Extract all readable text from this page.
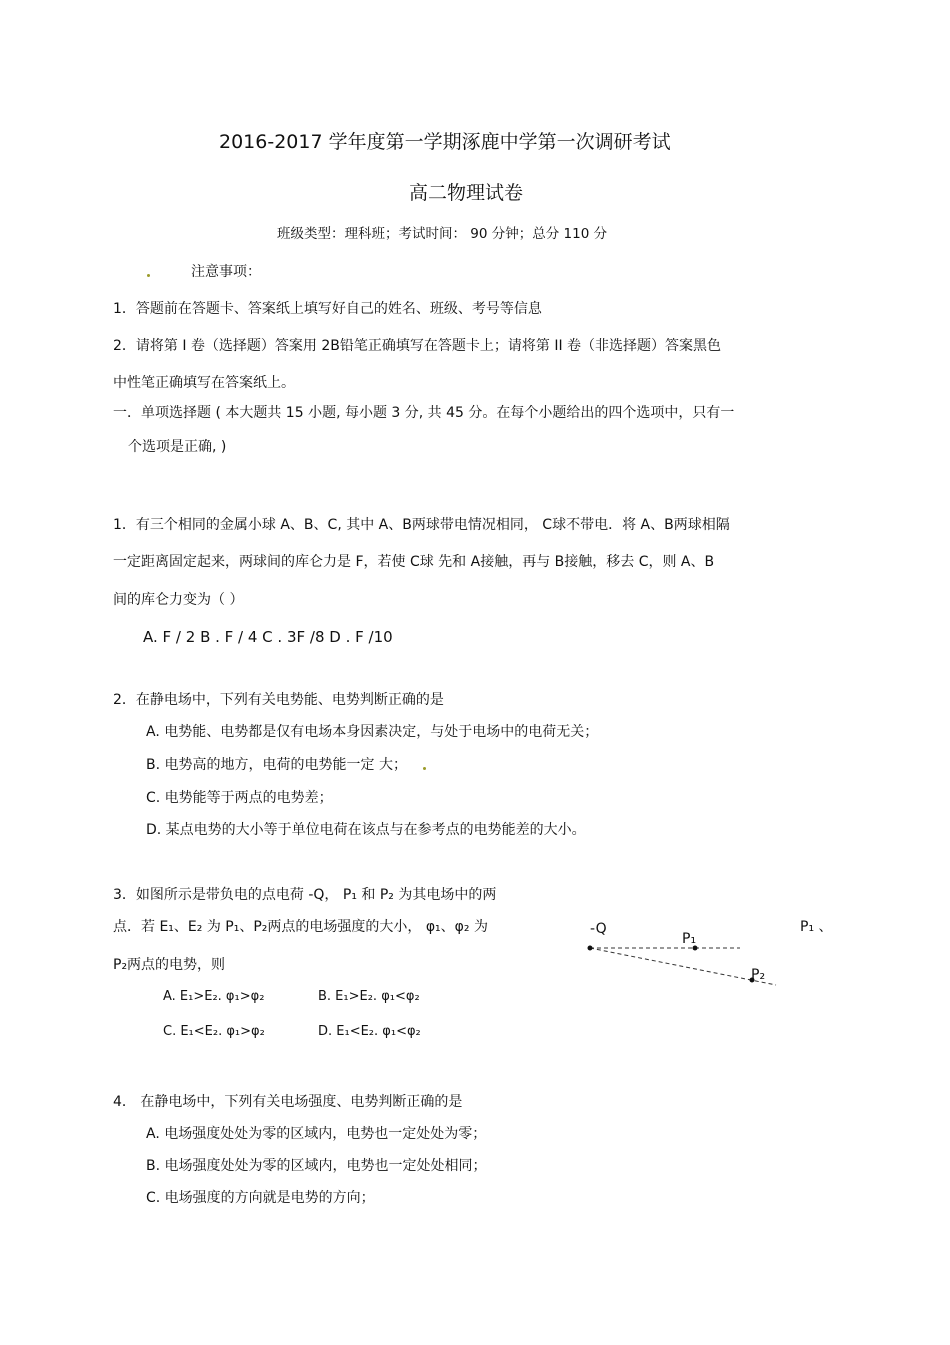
2016-2017 学年度第一学期涿鹿中学第一次调研考试
高二物理试卷
班级类型：理科班；考试时间： 90 分钟；总分 110 分
注意事项：
1．答题前在答题卡、答案纸上填写好自己的姓名、班级、考号等信息
2．请将第 I 卷（选择题）答案用 2B铅笔正确填写在答题卡上；请将第 II 卷（非选择题）答案黑色
中性笔正确填写在答案纸上。
一．单项选择题 ( 本大题共 15 小题, 每小题 3 分, 共 45 分。在每个小题给出的四个选项中，只有一
个选项是正确, )
1．有三个相同的金属小球 A、B、C, 其中 A、B两球带电情况相同， C球不带电．将 A、B两球相隔
一定距离固定起来，两球间的库仑力是 F，若使 C球 先和 A接触，再与 B接触，移去 C，则 A、B
间的库仑力变为（ ）
A. F / 2 B . F / 4 C . 3F /8 D . F /10
2．在静电场中，下列有关电势能、电势判断正确的是
A. 电势能、电势都是仅有电场本身因素决定，与处于电场中的电荷无关；
B. 电势高的地方，电荷的电势能一定 大；
C. 电势能等于两点的电势差；
D. 某点电势的大小等于单位电荷在该点与在参考点的电势能差的大小。
3．如图所示是带负电的点电荷 -Q， P₁ 和 P₂ 为其电场中的两
点．若 E₁、E₂ 为 P₁、P₂两点的电场强度的大小， φ₁、φ₂ 为	P₁ 、
P₂两点的电势，则
A. E₁>E₂. φ₁>φ₂	B. E₁>E₂. φ₁<φ₂
C. E₁<E₂. φ₁>φ₂	D. E₁<E₂. φ₁<φ₂
-Q
P₁
P₂
4． 在静电场中，下列有关电场强度、电势判断正确的是
A. 电场强度处处为零的区域内，电势也一定处处为零；
B. 电场强度处处为零的区域内，电势也一定处处相同；
C. 电场强度的方向就是电势的方向；
